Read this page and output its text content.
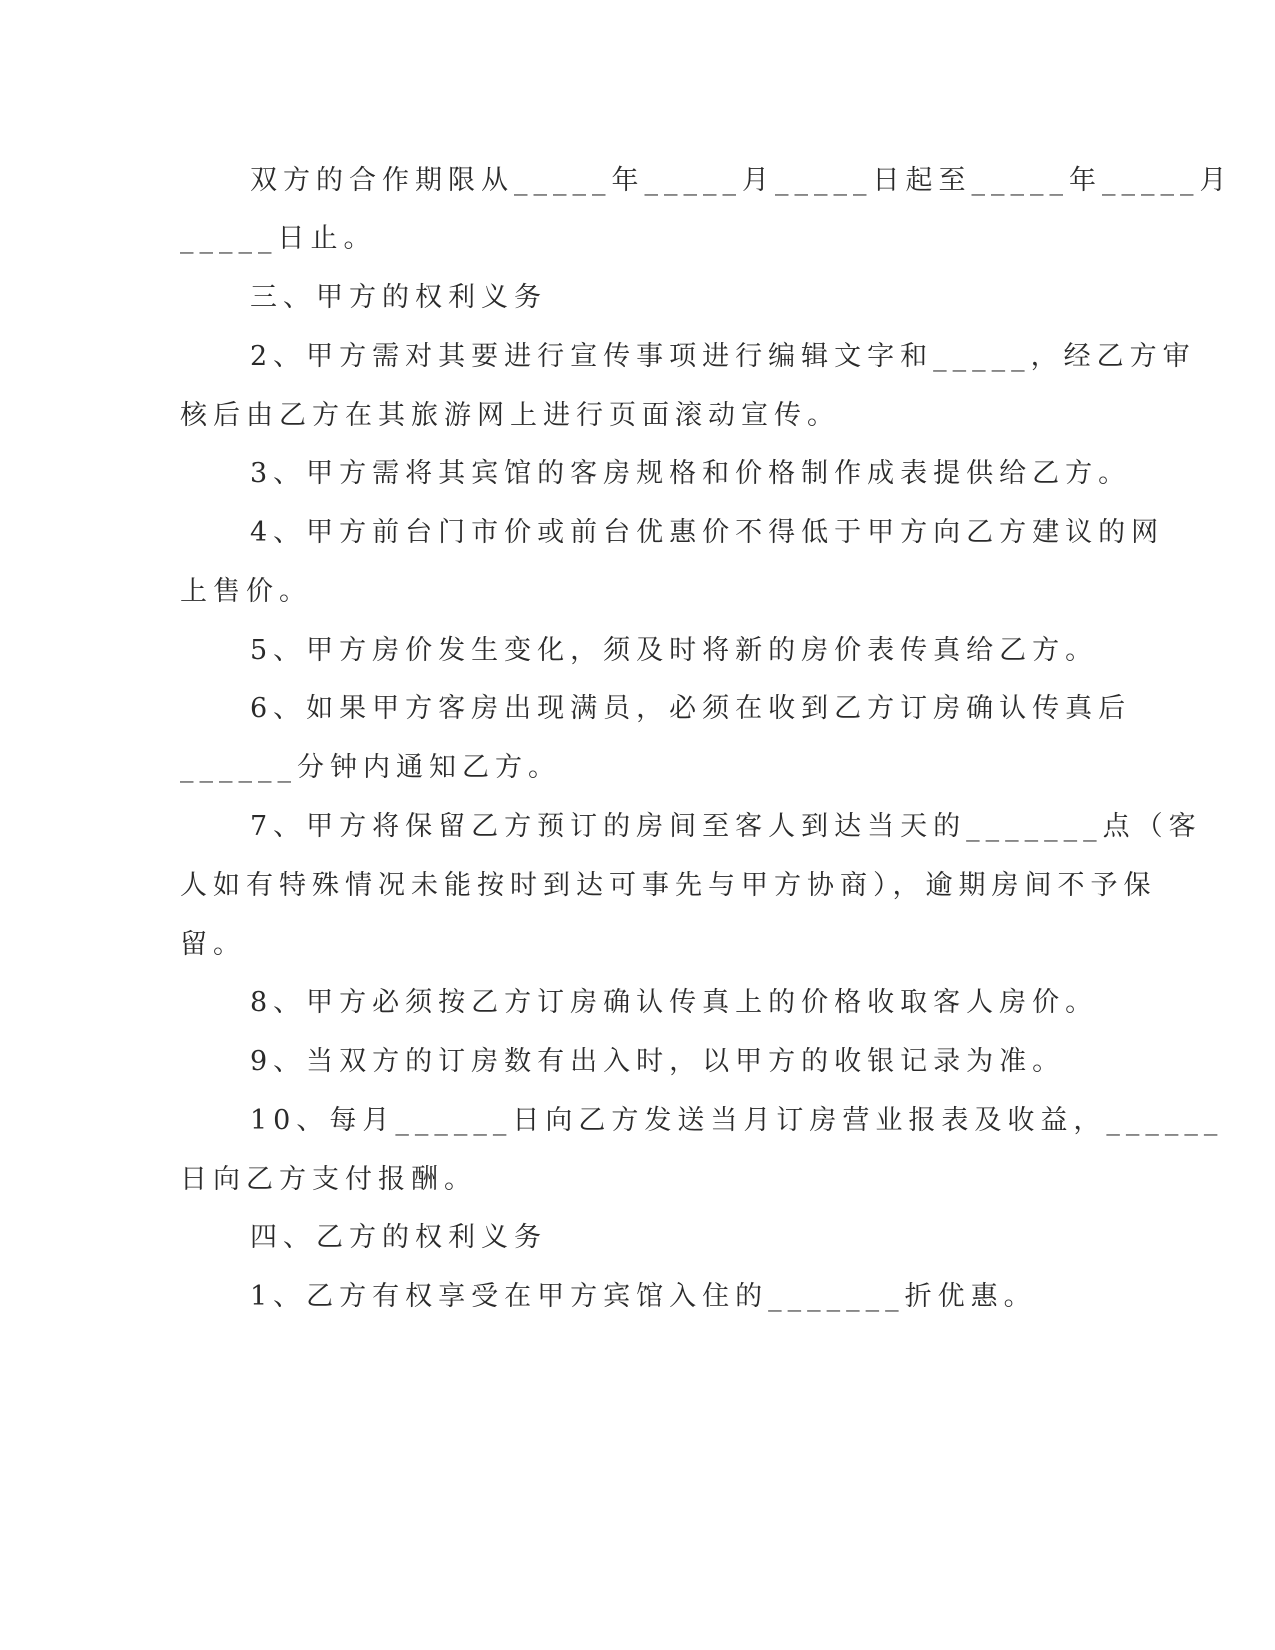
双方的合作期限从_____年_____月_____日起至_____年_____月
_____日止。
三、甲方的权利义务
2、甲方需对其要进行宣传事项进行编辑文字和_____，经乙方审
核后由乙方在其旅游网上进行页面滚动宣传。
3、甲方需将其宾馆的客房规格和价格制作成表提供给乙方。
4、甲方前台门市价或前台优惠价不得低于甲方向乙方建议的网
上售价。
5、甲方房价发生变化，须及时将新的房价表传真给乙方。
6、如果甲方客房出现满员，必须在收到乙方订房确认传真后
______分钟内通知乙方。
7、甲方将保留乙方预订的房间至客人到达当天的_______点（客
人如有特殊情况未能按时到达可事先与甲方协商），逾期房间不予保
留。
8、甲方必须按乙方订房确认传真上的价格收取客人房价。
9、当双方的订房数有出入时，以甲方的收银记录为准。
10、每月______日向乙方发送当月订房营业报表及收益，______
日向乙方支付报酬。
四、乙方的权利义务
1、乙方有权享受在甲方宾馆入住的_______折优惠。
